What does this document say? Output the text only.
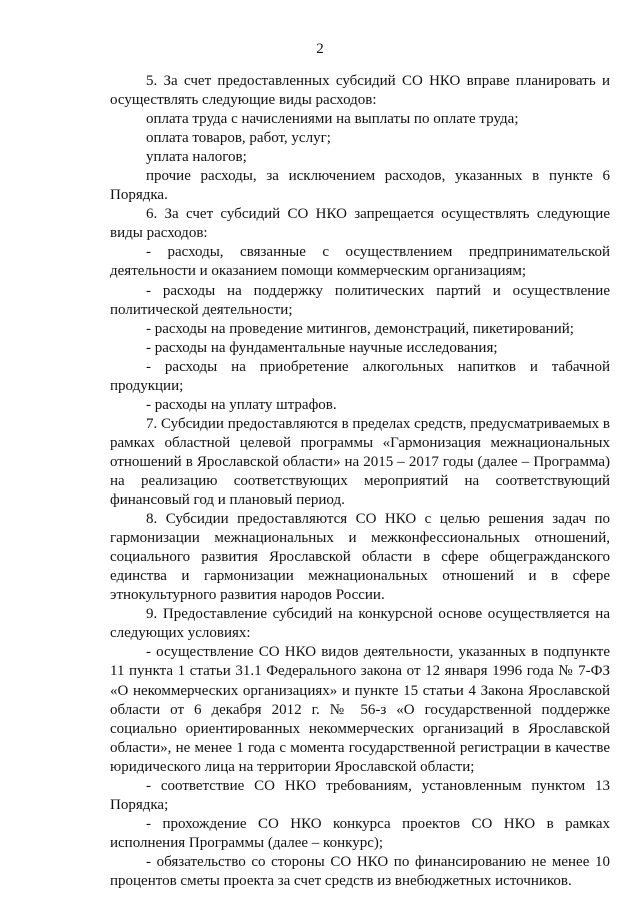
2

5. За счет предоставленных субсидий СО НКО вправе планировать и осуществлять следующие виды расходов:

оплата труда с начислениями на выплаты по оплате труда;

оплата товаров, работ, услуг;

уплата налогов;

прочие расходы, за исключением расходов, указанных в пункте 6 Порядка.

6. За счет субсидий СО НКО запрещается осуществлять следующие виды расходов:

- расходы, связанные с осуществлением предпринимательской деятельности и оказанием помощи коммерческим организациям;

- расходы на поддержку политических партий и осуществление политической деятельности;

- расходы на проведение митингов, демонстраций, пикетирований;

- расходы на фундаментальные научные исследования;

- расходы на приобретение алкогольных напитков и табачной продукции;

- расходы на уплату штрафов.

7. Субсидии предоставляются в пределах средств, предусматриваемых в рамках областной целевой программы «Гармонизация межнациональных отношений в Ярославской области» на 2015 – 2017 годы (далее – Программа) на реализацию соответствующих мероприятий на соответствующий финансовый год и плановый период.

8. Субсидии предоставляются СО НКО с целью решения задач по гармонизации межнациональных и межконфессиональных отношений, социального развития Ярославской области в сфере общегражданского единства и гармонизации межнациональных отношений и в сфере этнокультурного развития народов России.

9. Предоставление субсидий на конкурсной основе осуществляется на следующих условиях:

- осуществление СО НКО видов деятельности, указанных в подпункте 11 пункта 1 статьи 31.1 Федерального закона от 12 января 1996 года № 7-ФЗ «О некоммерческих организациях» и пункте 15 статьи 4 Закона Ярославской области от 6 декабря 2012 г. № 56-з «О государственной поддержке социально ориентированных некоммерческих организаций в Ярославской области», не менее 1 года с момента государственной регистрации в качестве юридического лица на территории Ярославской области;

- соответствие СО НКО требованиям, установленным пунктом 13 Порядка;

- прохождение СО НКО конкурса проектов СО НКО в рамках исполнения Программы (далее – конкурс);

- обязательство со стороны СО НКО по финансированию не менее 10 процентов сметы проекта за счет средств из внебюджетных источников.
